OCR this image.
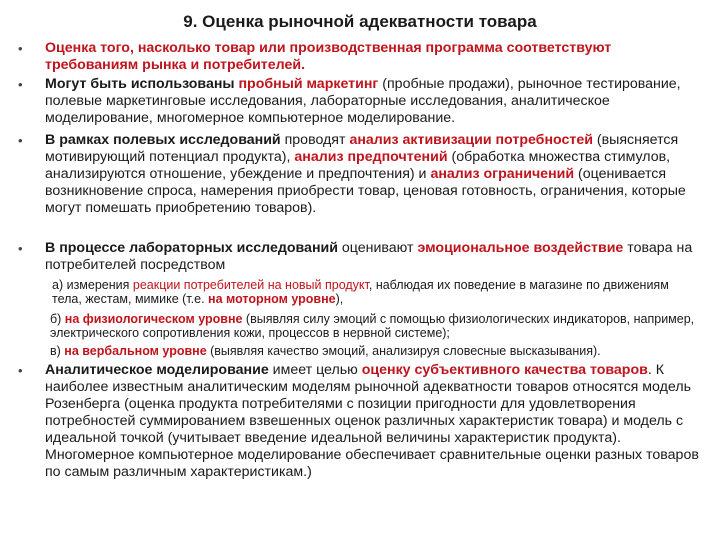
9. Оценка рыночной адекватности товара
•	Оценка того, насколько товар или производственная программа соответствуют требованиям рынка и потребителей.
•	Могут быть использованы пробный маркетинг (пробные продажи), рыночное тестирование, полевые маркетинговые исследования, лабораторные исследования, аналитическое моделирование, многомерное компьютерное моделирование.
•	В рамках полевых исследований проводят анализ активизации потребностей (выясняется мотивирующий потенциал продукта), анализ предпочтений (обработка множества стимулов, анализируются отношение, убеждение и предпочтения) и анализ ограничений (оценивается возникновение спроса, намерения приобрести товар, ценовая готовность, ограничения, которые могут помешать приобретению товаров).
•	В процессе лабораторных исследований оценивают эмоциональное воздействие товара на потребителей посредством
а) измерения реакции потребителей на новый продукт, наблюдая их поведение в магазине по движениям тела, жестам, мимике (т.е. на моторном уровне),
б) на физиологическом уровне (выявляя силу эмоций с помощью физиологических индикаторов, например, электрического сопротивления кожи, процессов в нервной системе);
в) на вербальном уровне (выявляя качество эмоций, анализируя словесные высказывания).
•	Аналитическое моделирование имеет целью оценку субъективного качества товаров. К наиболее известным аналитическим моделям рыночной адекватности товаров относятся модель Розенберга (оценка продукта потребителями с позиции пригодности для удовлетворения потребностей суммированием взвешенных оценок различных характеристик товара) и модель с идеальной точкой (учитывает введение идеальной величины характеристик продукта). Многомерное компьютерное моделирование обеспечивает сравнительные оценки разных товаров по самым различным характеристикам.)
